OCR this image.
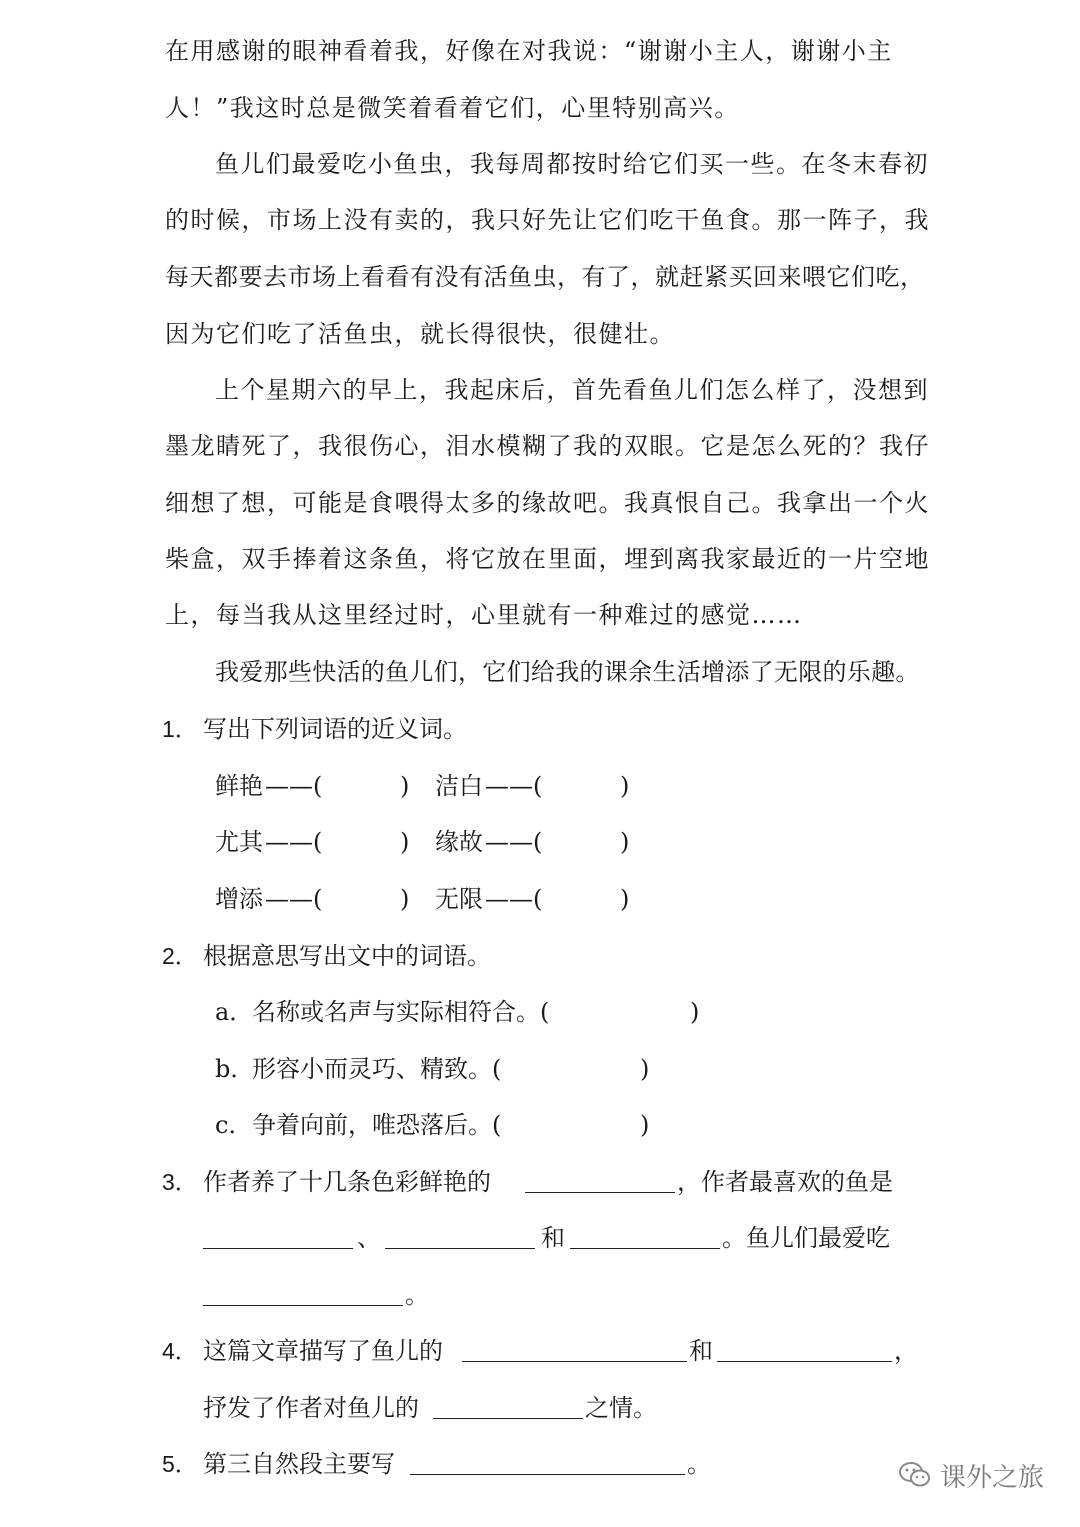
在用感谢的眼神看着我，好像在对我说：“谢谢小主人，谢谢小主
人！”我这时总是微笑着看着它们，心里特别高兴。
鱼儿们最爱吃小鱼虫，我每周都按时给它们买一些。在冬末春初
的时候，市场上没有卖的，我只好先让它们吃干鱼食。那一阵子，我
每天都要去市场上看看有没有活鱼虫，有了，就赶紧买回来喂它们吃，
因为它们吃了活鱼虫，就长得很快，很健壮。
上个星期六的早上，我起床后，首先看鱼儿们怎么样了，没想到
墨龙睛死了，我很伤心，泪水模糊了我的双眼。它是怎么死的？我仔
细想了想，可能是食喂得太多的缘故吧。我真恨自己。我拿出一个火
柴盒，双手捧着这条鱼，将它放在里面，埋到离我家最近的一片空地
上，每当我从这里经过时，心里就有一种难过的感觉……
我爱那些快活的鱼儿们，它们给我的课余生活增添了无限的乐趣。
1． 写出下列词语的近义词。
鲜艳 ——(	) 洁白 ——(	)
尤其 ——(	) 缘故 ——(	)
增添 ——(	) 无限 ——(	)
2． 根据意思写出文中的词语。
a．
名称或名声与实际相符合。(	)
b．
形容小而灵巧、精致。(	)
c． 争着向前，唯恐落后。(	)
3． 作者养了十几条色彩鲜艳的	，作者最喜欢的鱼是
、	和	。鱼儿们最爱吃
。
4． 这篇文章描写了鱼儿的	和	，
抒发了作者对鱼儿的	之情。
5． 第三自然段主要写	。	课外之旅
